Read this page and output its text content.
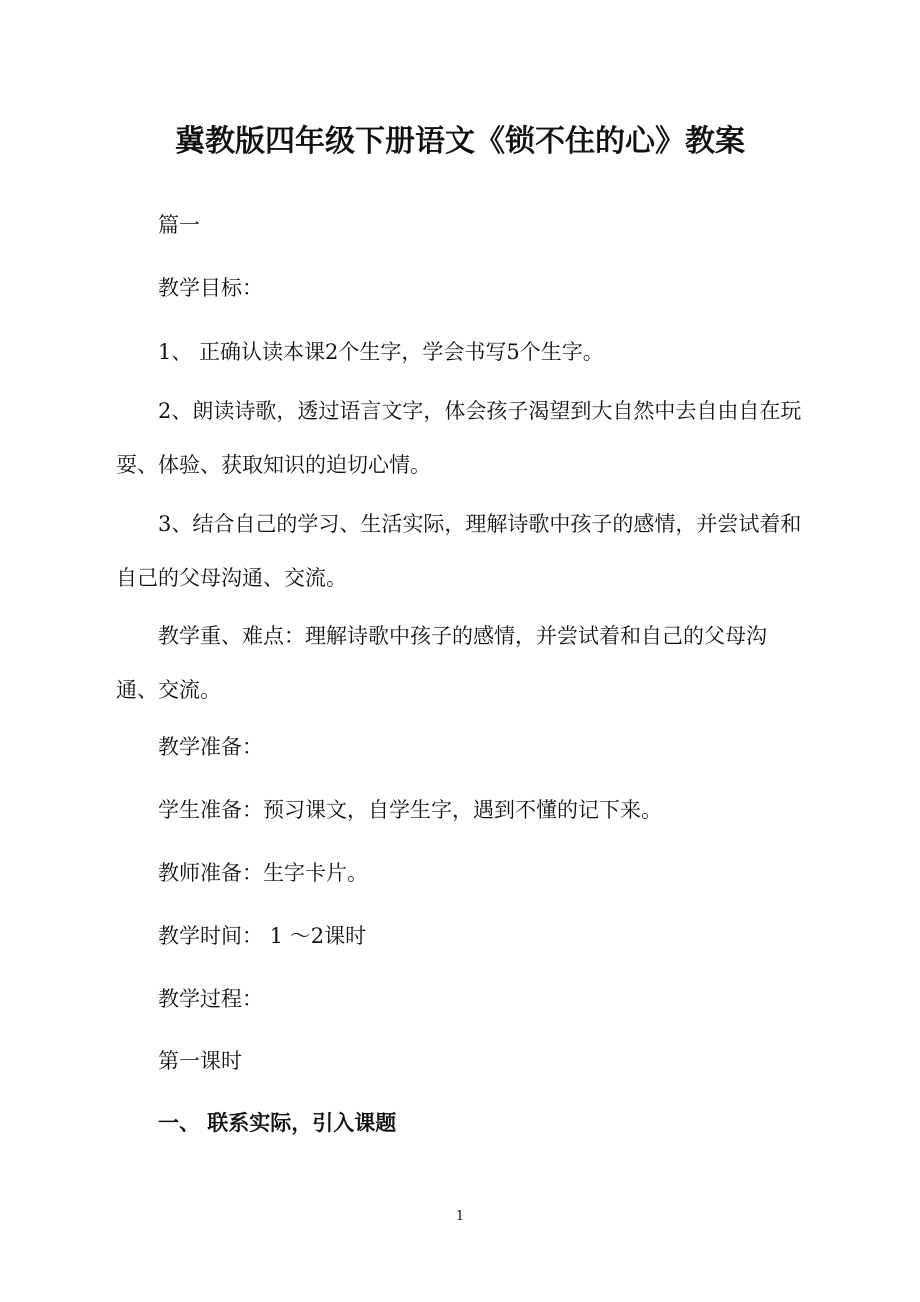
冀教版四年级下册语文《锁不住的心》教案
篇一
教学目标：
1、 正确认读本课2个生字，学会书写5个生字。

2、朗读诗歌，透过语言文字，体会孩子渴望到大自然中去自由自在玩耍、体验、获取知识的迫切心情。

3、结合自己的学习、生活实际，理解诗歌中孩子的感情，并尝试着和自己的父母沟通、交流。

教学重、难点：理解诗歌中孩子的感情，并尝试着和自己的父母沟通、交流。

教学准备：
学生准备：预习课文，自学生字，遇到不懂的记下来。
教师准备：生字卡片。
教学时间： 1 ～2课时
教学过程：
第一课时
一、 联系实际，引入课题
1
